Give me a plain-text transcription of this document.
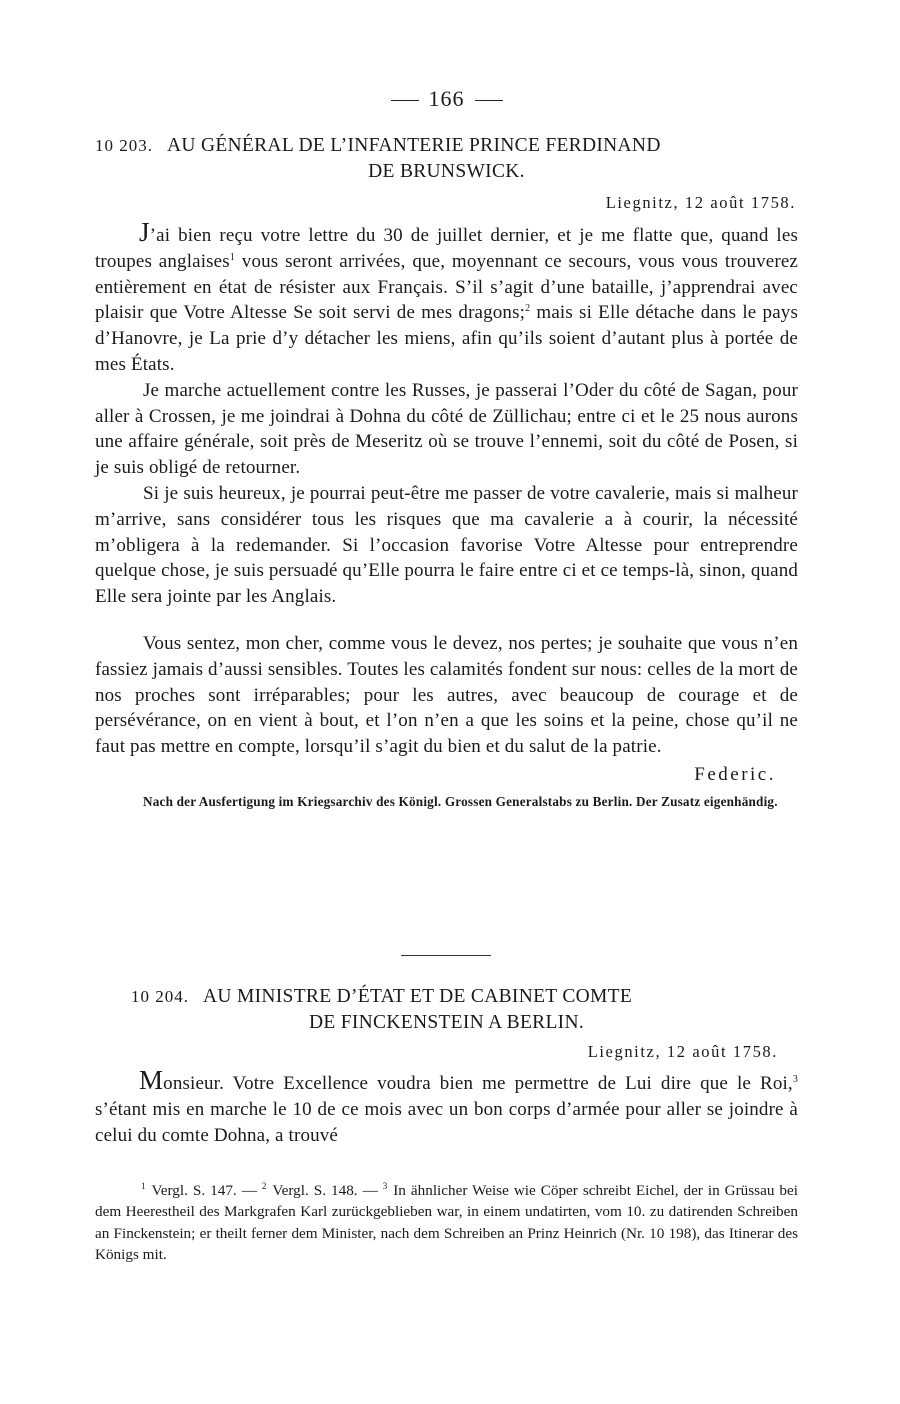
166
10 203. AU GÉNÉRAL DE L’INFANTERIE PRINCE FERDINAND
DE BRUNSWICK.
Liegnitz, 12 août 1758.

J’ai bien reçu votre lettre du 30 de juillet dernier, et je me flatte que, quand les troupes anglaises$^1$ vous seront arrivées, que, moyennant ce secours, vous vous trouverez entièrement en état de résister aux Français. S’il s’agit d’une bataille, j’apprendrai avec plaisir que Votre Altesse Se soit servi de mes dragons;$^2$ mais si Elle détache dans le pays d’Hanovre, je La prie d’y détacher les miens, afin qu’ils soient d’autant plus à portée de mes États.

Je marche actuellement contre les Russes, je passerai l’Oder du côté de Sagan, pour aller à Crossen, je me joindrai à Dohna du côté de Züllichau; entre ci et le 25 nous aurons une affaire générale, soit près de Meseritz où se trouve l’ennemi, soit du côté de Posen, si je suis obligé de retourner.

Si je suis heureux, je pourrai peut-être me passer de votre cavalerie, mais si malheur m’arrive, sans considérer tous les risques que ma cavalerie a à courir, la nécessité m’obligera à la redemander. Si l’occasion favorise Votre Altesse pour entreprendre quelque chose, je suis persuadé qu’Elle pourra le faire entre ci et ce temps-là, sinon, quand Elle sera jointe par les Anglais.

Vous sentez, mon cher, comme vous le devez, nos pertes; je souhaite que vous n’en fassiez jamais d’aussi sensibles. Toutes les calamités fondent sur nous: celles de la mort de nos proches sont irréparables; pour les autres, avec beaucoup de courage et de persévérance, on en vient à bout, et l’on n’en a que les soins et la peine, chose qu’il ne faut pas mettre en compte, lorsqu’il s’agit du bien et du salut de la patrie.

Federic.

Nach der Ausfertigung im Kriegsarchiv des Königl. Grossen Generalstabs zu Berlin. Der Zusatz eigenhändig.

10 204. AU MINISTRE D’ÉTAT ET DE CABINET COMTE
DE FINCKENSTEIN A BERLIN.
Liegnitz, 12 août 1758.

Monsieur. Votre Excellence voudra bien me permettre de Lui dire que le Roi,$^3$ s’étant mis en marche le 10 de ce mois avec un bon corps d’armée pour aller se joindre à celui du comte Dohna, a trouvé

$^1$ Vergl. S. 147. — $^2$ Vergl. S. 148. — $^3$ In ähnlicher Weise wie Cöper schreibt Eichel, der in Grüssau bei dem Heerestheil des Markgrafen Karl zurückgeblieben war, in einem undatirten, vom 10. zu datirenden Schreiben an Finckenstein; er theilt ferner dem Minister, nach dem Schreiben an Prinz Heinrich (Nr. 10 198), das Itinerar des Königs mit.
